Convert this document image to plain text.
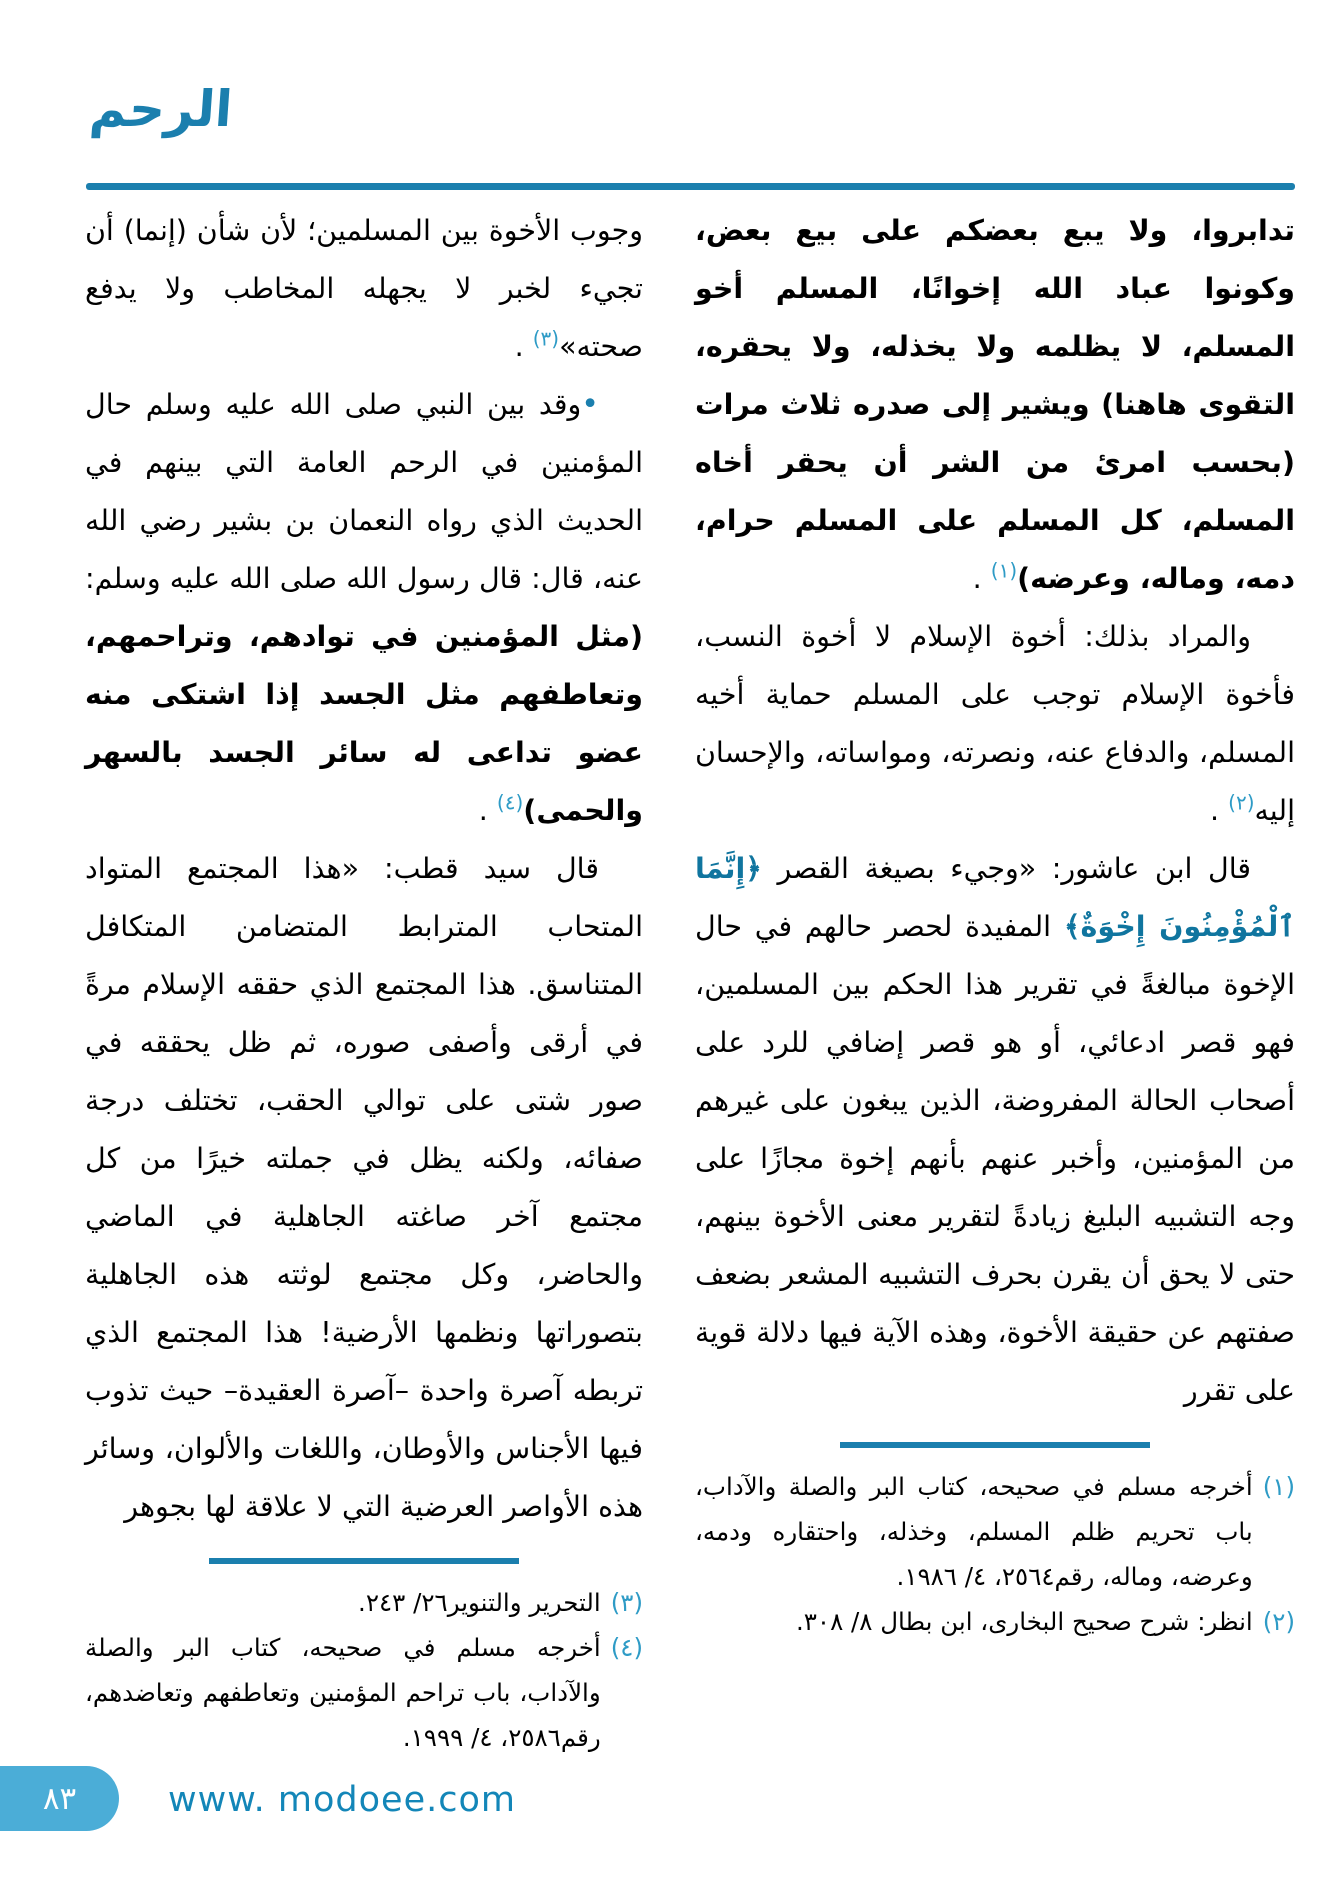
الرحم

تدابروا، ولا يبع بعضكم على بيع بعض، وكونوا عباد الله إخوانًا، المسلم أخو المسلم، لا يظلمه ولا يخذله، ولا يحقره، التقوى هاهنا) ويشير إلى صدره ثلاث مرات (بحسب امرئ من الشر أن يحقر أخاه المسلم، كل المسلم على المسلم حرام، دمه، وماله، وعرضه)$^{(١)}$ .

والمراد بذلك: أخوة الإسلام لا أخوة النسب، فأخوة الإسلام توجب على المسلم حماية أخيه المسلم، والدفاع عنه، ونصرته، ومواساته، والإحسان إليه$^{(٢)}$ .

قال ابن عاشور: «وجيء بصيغة القصر ﴿إِنَّمَا ٱلْمُؤْمِنُونَ إِخْوَةٌ﴾ المفيدة لحصر حالهم في حال الإخوة مبالغةً في تقرير هذا الحكم بين المسلمين، فهو قصر ادعائي، أو هو قصر إضافي للرد على أصحاب الحالة المفروضة، الذين يبغون على غيرهم من المؤمنين، وأخبر عنهم بأنهم إخوة مجازًا على وجه التشبيه البليغ زيادةً لتقرير معنى الأخوة بينهم، حتى لا يحق أن يقرن بحرف التشبيه المشعر بضعف صفتهم عن حقيقة الأخوة، وهذه الآية فيها دلالة قوية على تقرر

(١)
أخرجه مسلم في صحيحه، كتاب البر والصلة والآداب، باب تحريم ظلم المسلم، وخذله، واحتقاره ودمه، وعرضه، وماله، رقم٢٥٦٤، ٤/ ١٩٨٦.
(٢)
انظر: شرح صحيح البخارى، ابن بطال ٨/ ٣٠٨.

وجوب الأخوة بين المسلمين؛ لأن شأن (إنما) أن تجيء لخبر لا يجهله المخاطب ولا يدفع صحته»$^{(٣)}$ .

•وقد بين النبي صلى الله عليه وسلم حال المؤمنين في الرحم العامة التي بينهم في الحديث الذي رواه النعمان بن بشير رضي الله عنه، قال: قال رسول الله صلى الله عليه وسلم: (مثل المؤمنين في توادهم، وتراحمهم، وتعاطفهم مثل الجسد إذا اشتكى منه عضو تداعى له سائر الجسد بالسهر والحمى)$^{(٤)}$ .

قال سيد قطب: «هذا المجتمع المتواد المتحاب المترابط المتضامن المتكافل المتناسق. هذا المجتمع الذي حققه الإسلام مرةً في أرقى وأصفى صوره، ثم ظل يحققه في صور شتى على توالي الحقب، تختلف درجة صفائه، ولكنه يظل في جملته خيرًا من كل مجتمع آخر صاغته الجاهلية في الماضي والحاضر، وكل مجتمع لوثته هذه الجاهلية بتصوراتها ونظمها الأرضية! هذا المجتمع الذي تربطه آصرة واحدة –آصرة العقيدة– حيث تذوب فيها الأجناس والأوطان، واللغات والألوان، وسائر هذه الأواصر العرضية التي لا علاقة لها بجوهر

(٣)
التحرير والتنوير٢٦/ ٢٤٣.
(٤)
أخرجه مسلم في صحيحه، كتاب البر والصلة والآداب، باب تراحم المؤمنين وتعاطفهم وتعاضدهم، رقم٢٥٨٦، ٤/ ١٩٩٩.
٨٣	www. modoee.com
